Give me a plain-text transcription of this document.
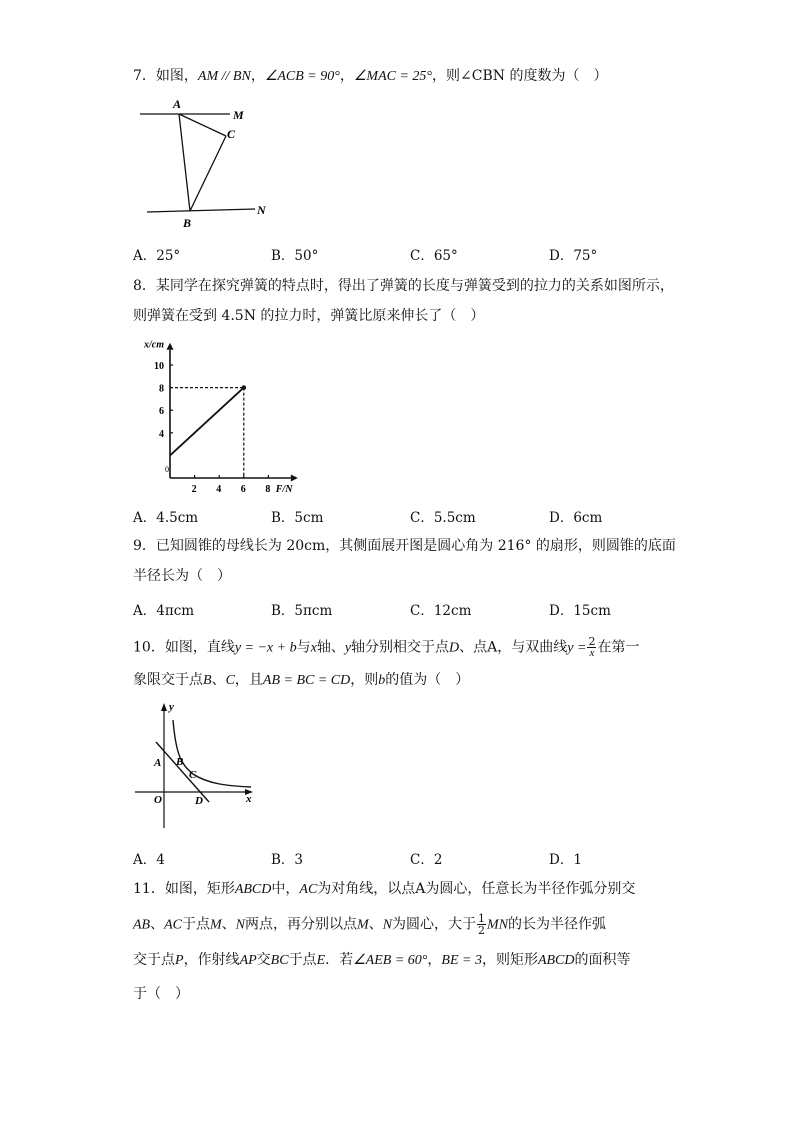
7．如图，AM // BN，∠ACB = 90°，∠MAC = 25°，则∠CBN 的度数为（　）
A
M
C
B
N
A．25°	B．50°	C．65°	D．75°
8．某同学在探究弹簧的特点时，得出了弹簧的长度与弹簧受到的拉力的关系如图所示，
则弹簧在受到 4.5N 的拉力时，弹簧比原来伸长了（　）
2 4 6 8
4
6
8
10
0
x/cm
F/N
A．4.5cm	B．5cm	C．5.5cm	D．6cm
9．已知圆锥的母线长为 20cm，其侧面展开图是圆心角为 216° 的扇形，则圆锥的底面
半径长为（　）
A．4πcm	B．5πcm	C．12cm	D．15cm
10．如图，直线y = −x + b与x轴、y轴分别相交于点D、点A，与双曲线$y = \frac{2}{x}$ 在第一
象限交于点B、C，且AB = BC = CD，则b的值为（　）
y
x
O
A B
C
D
A．4	B．3	C．2	D．1
11．如图，矩形ABCD中，AC为对角线，以点A为圆心，任意长为半径作弧分别交
AB、AC于点M、N两点，再分别以点M、N为圆心，大于 $\frac{1}{2}$ MN的长为半径作弧
交于点P，作射线AP交BC于点E．若∠AEB = 60°，BE = 3，则矩形ABCD的面积等
于（　）
